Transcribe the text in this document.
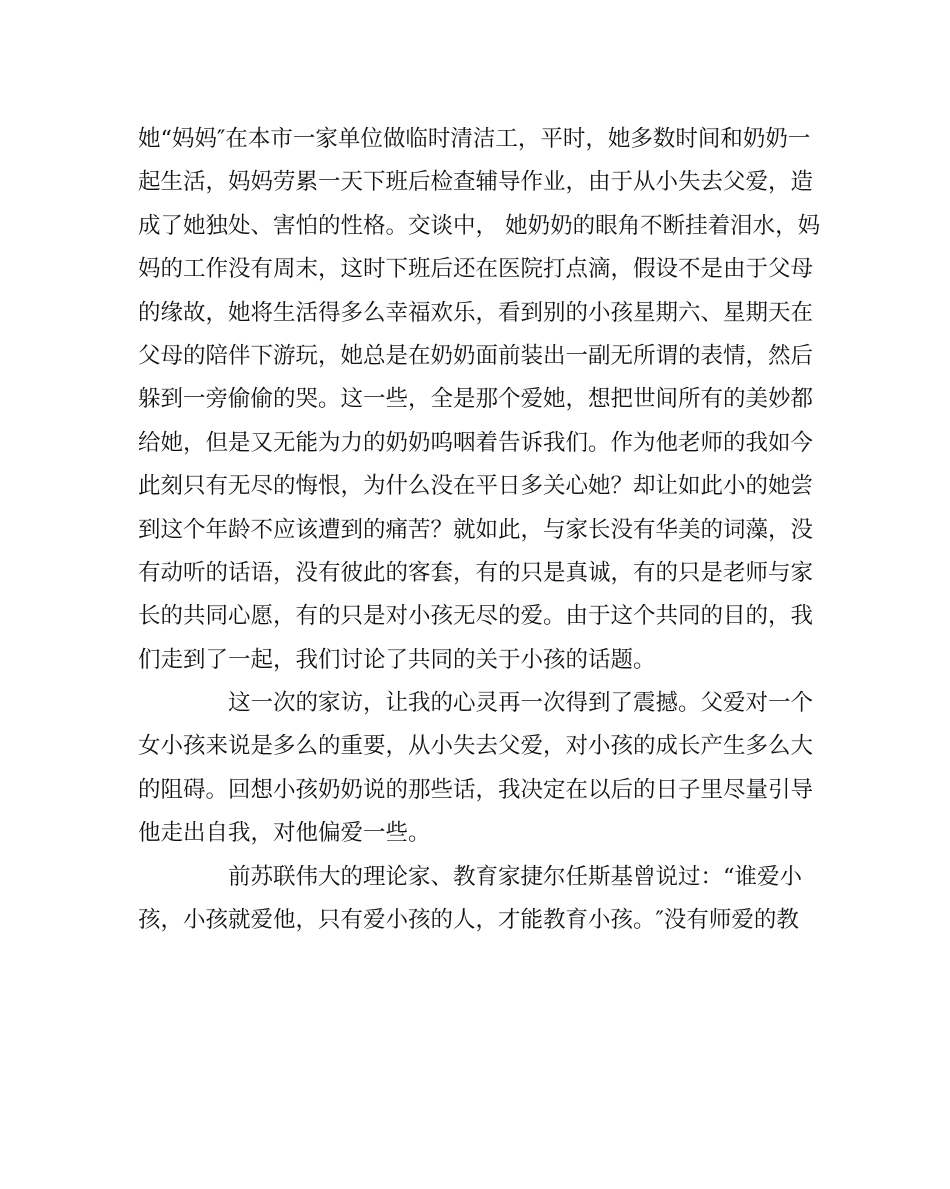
她“妈妈″在本市一家单位做临时清洁工，平时，她多数时间和奶奶一
起生活，妈妈劳累一天下班后检查辅导作业，由于从小失去父爱，造
成了她独处、害怕的性格。交谈中， 她奶奶的眼角不断挂着泪水，妈
妈的工作没有周末，这时下班后还在医院打点滴，假设不是由于父母
的缘故，她将生活得多么幸福欢乐，看到别的小孩星期六、星期天在
父母的陪伴下游玩，她总是在奶奶面前装出一副无所谓的表情，然后
躲到一旁偷偷的哭。这一些，全是那个爱她，想把世间所有的美妙都
给她，但是又无能为力的奶奶呜咽着告诉我们。作为他老师的我如今
此刻只有无尽的悔恨，为什么没在平日多关心她？却让如此小的她尝
到这个年龄不应该遭到的痛苦？就如此，与家长没有华美的词藻，没
有动听的话语，没有彼此的客套，有的只是真诚，有的只是老师与家
长的共同心愿，有的只是对小孩无尽的爱。由于这个共同的目的，我
们走到了一起，我们讨论了共同的关于小孩的话题。
这一次的家访，让我的心灵再一次得到了震撼。父爱对一个
女小孩来说是多么的重要，从小失去父爱，对小孩的成长产生多么大
的阻碍。回想小孩奶奶说的那些话，我决定在以后的日子里尽量引导
他走出自我，对他偏爱一些。
前苏联伟大的理论家、教育家捷尔任斯基曾说过：“谁爱小
孩，小孩就爱他，只有爱小孩的人，才能教育小孩。″没有师爱的教
